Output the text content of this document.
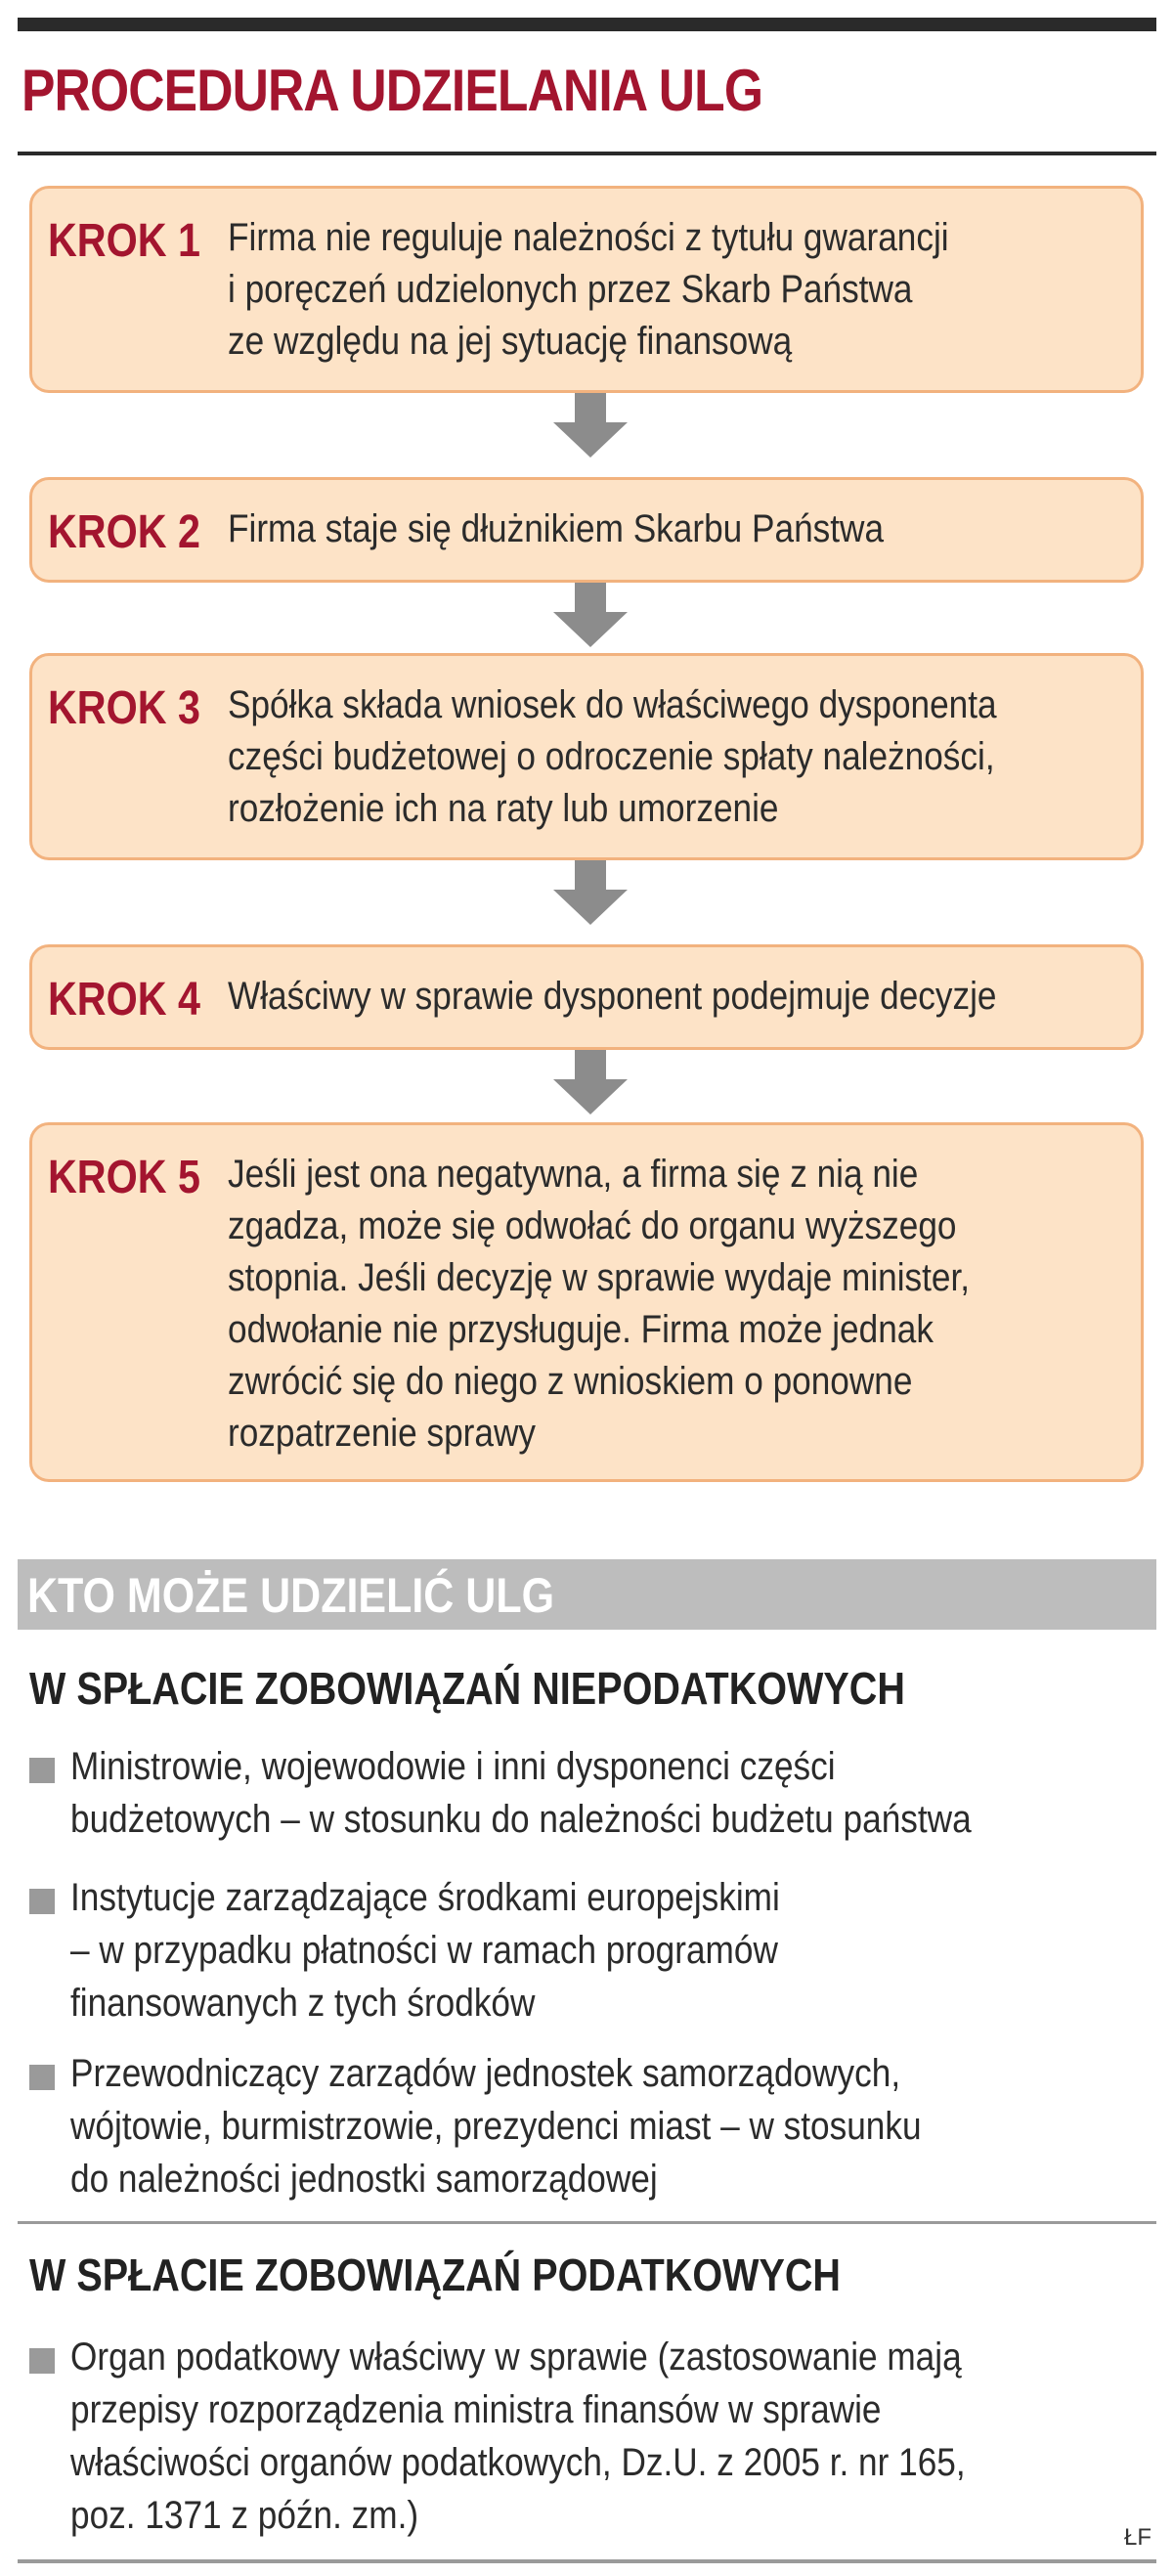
PROCEDURA UDZIELANIA ULG
KROK 1 Firma nie reguluje należności z tytułu gwarancji
i poręczeń udzielonych przez Skarb Państwa
ze względu na jej sytuację finansową
KROK 2 Firma staje się dłużnikiem Skarbu Państwa
KROK 3 Spółka składa wniosek do właściwego dysponenta
części budżetowej o odroczenie spłaty należności,
rozłożenie ich na raty lub umorzenie
KROK 4 Właściwy w sprawie dysponent podejmuje decyzje
KROK 5 Jeśli jest ona negatywna, a firma się z nią nie
zgadza, może się odwołać do organu wyższego
stopnia. Jeśli decyzję w sprawie wydaje minister,
odwołanie nie przysługuje. Firma może jednak
zwrócić się do niego z wnioskiem o ponowne
rozpatrzenie sprawy
KTO MOŻE UDZIELIĆ ULG
W SPŁACIE ZOBOWIĄZAŃ NIEPODATKOWYCH
Ministrowie, wojewodowie i inni dysponenci części
budżetowych – w stosunku do należności budżetu państwa
Instytucje zarządzające środkami europejskimi
– w przypadku płatności w ramach programów
finansowanych z tych środków
Przewodniczący zarządów jednostek samorządowych,
wójtowie, burmistrzowie, prezydenci miast – w stosunku
do należności jednostki samorządowej
W SPŁACIE ZOBOWIĄZAŃ PODATKOWYCH
Organ podatkowy właściwy w sprawie (zastosowanie mają
przepisy rozporządzenia ministra finansów w sprawie
właściwości organów podatkowych, Dz.U. z 2005 r. nr 165,
poz. 1371 z późn. zm.)
ŁF
